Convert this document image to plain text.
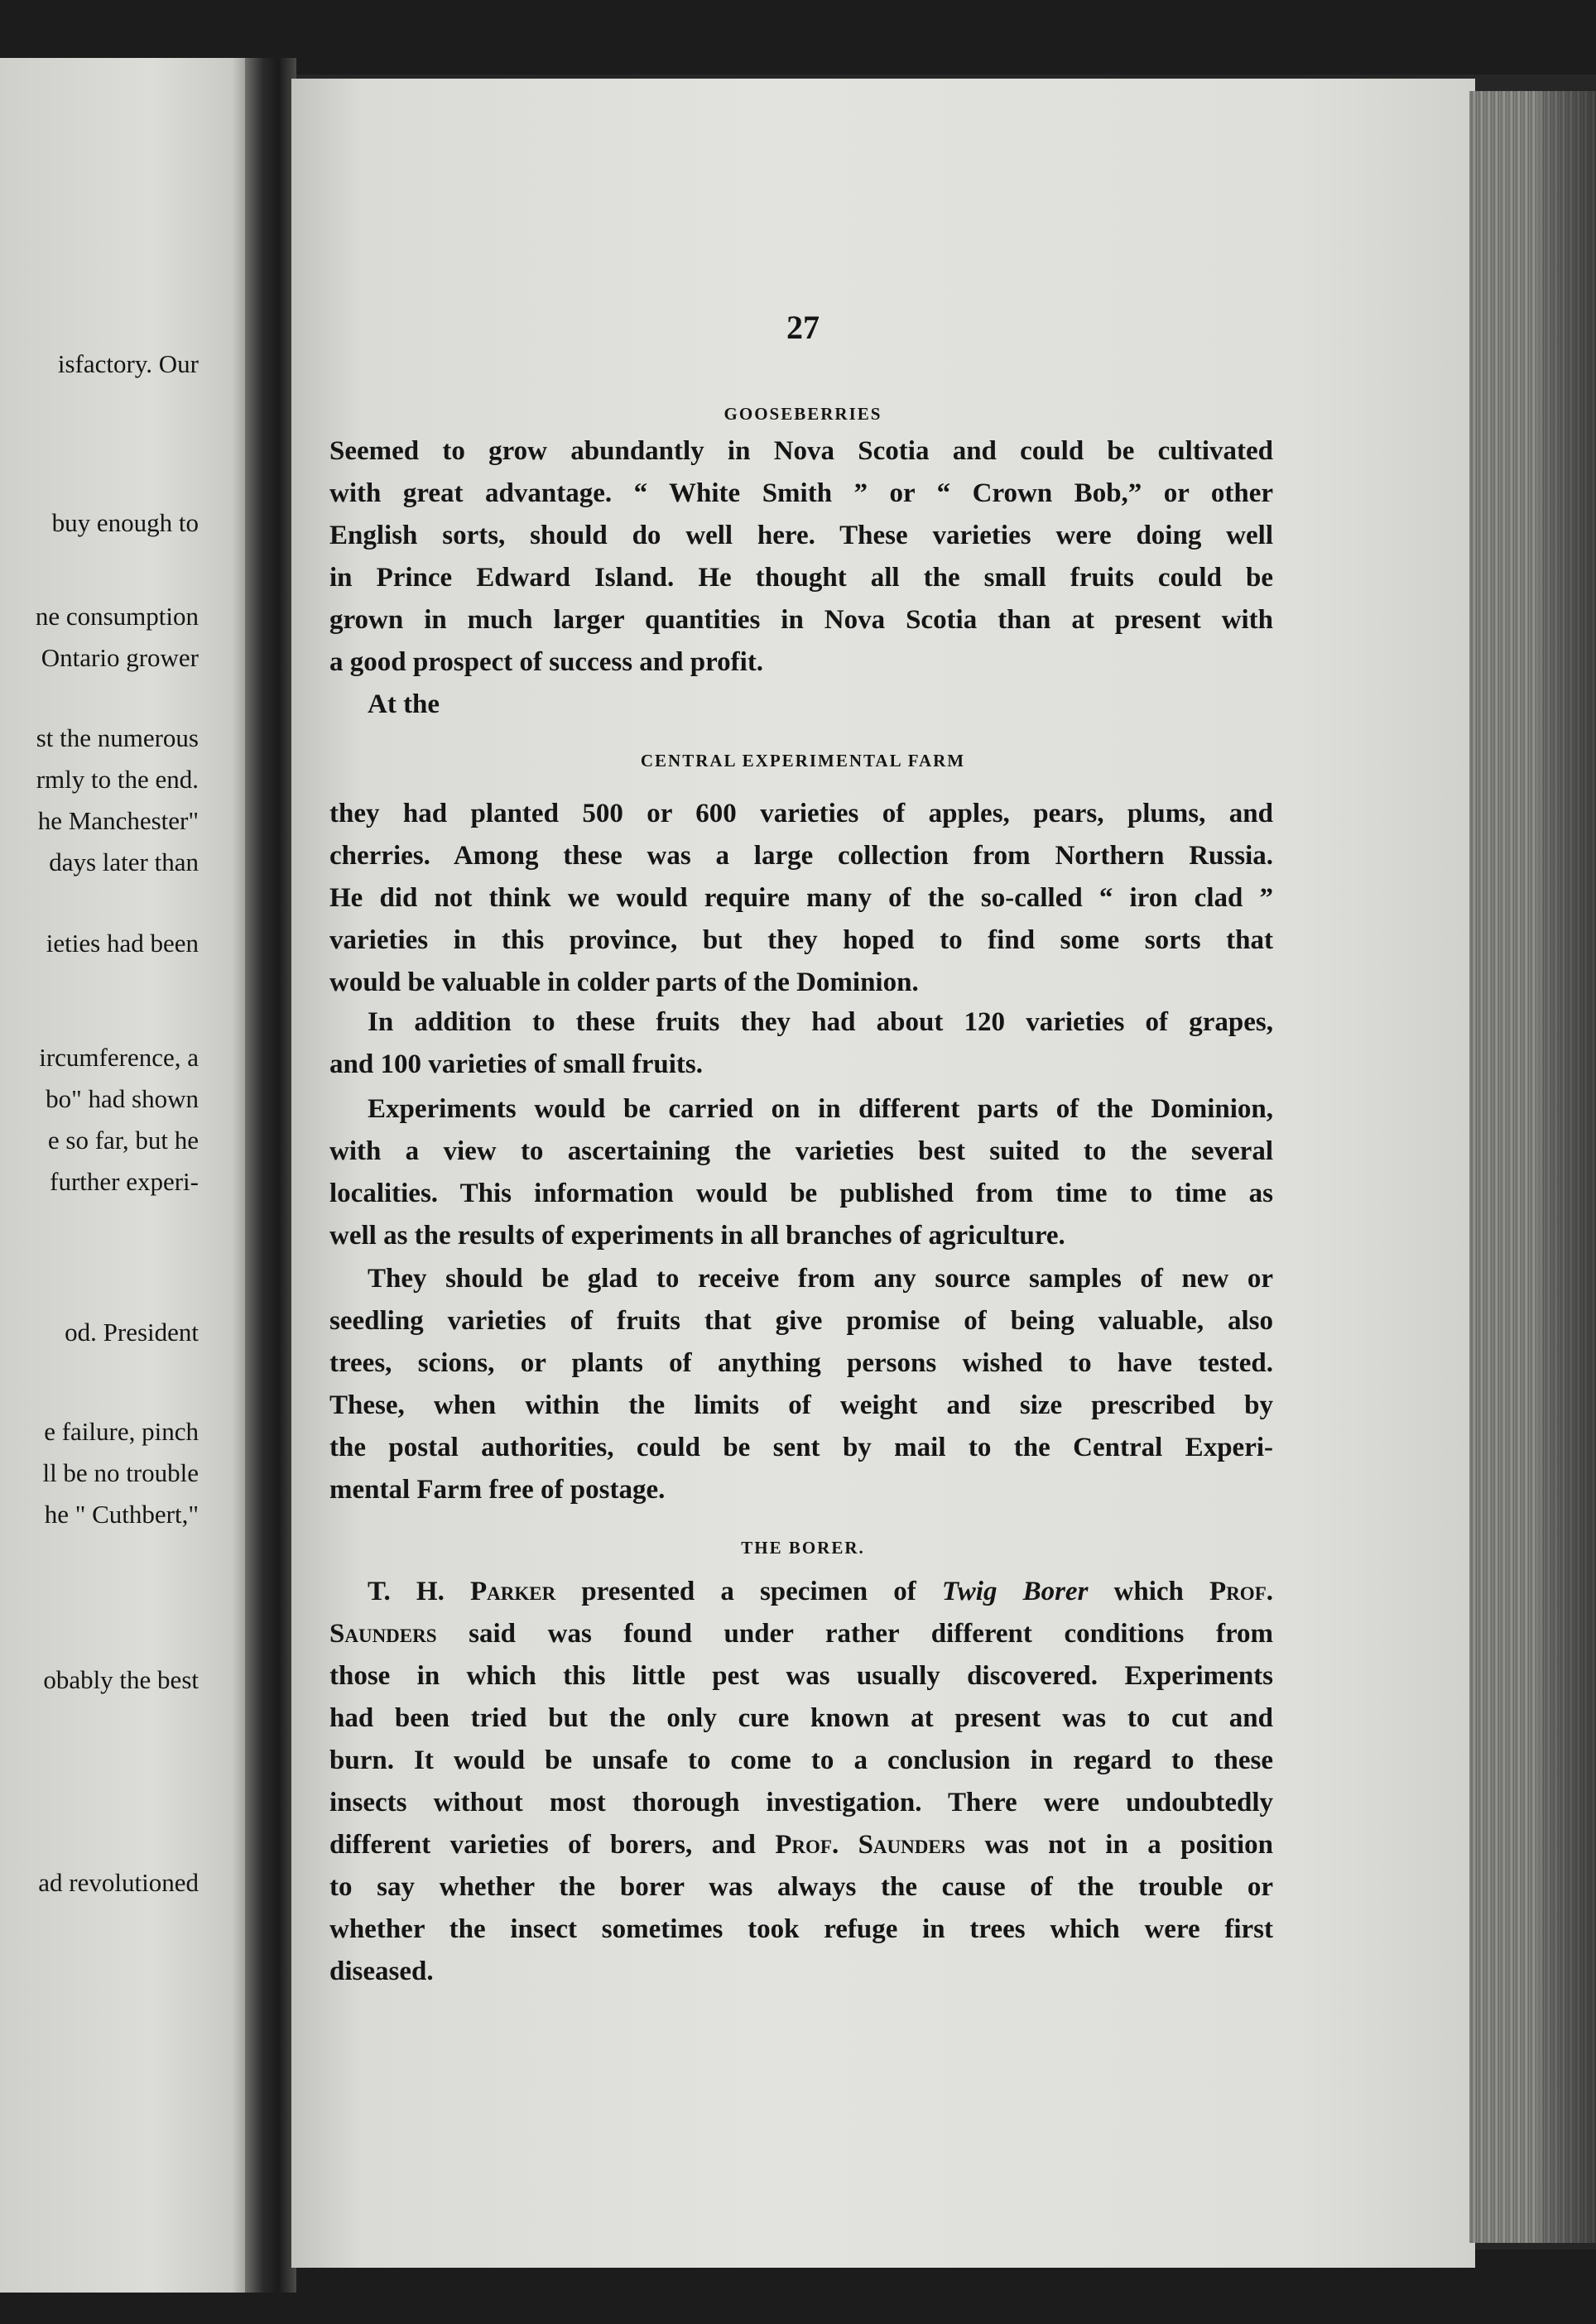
isfactory. Our
buy enough to
ne consumption
Ontario grower
st the numerous
rmly to the end.
he Manchester"
days later than
ieties had been
ircumference, a
bo" had shown
e so far, but he
further experi-
od. President
e failure, pinch
ll be no trouble
he " Cuthbert,"
obably the best
ad revolutioned
27
GOOSEBERRIES
Seemed to grow abundantly in Nova Scotia and could be cultivated
with great advantage. “ White Smith ” or “ Crown Bob,” or other
English sorts, should do well here. These varieties were doing well
in Prince Edward Island. He thought all the small fruits could be
grown in much larger quantities in Nova Scotia than at present with
a good prospect of success and profit.
At the
CENTRAL EXPERIMENTAL FARM
they had planted 500 or 600 varieties of apples, pears, plums, and
cherries. Among these was a large collection from Northern Russia.
He did not think we would require many of the so-called “ iron clad ”
varieties in this province, but they hoped to find some sorts that
would be valuable in colder parts of the Dominion.
In addition to these fruits they had about 120 varieties of grapes,
and 100 varieties of small fruits.
Experiments would be carried on in different parts of the Dominion,
with a view to ascertaining the varieties best suited to the several
localities. This information would be published from time to time as
well as the results of experiments in all branches of agriculture.
They should be glad to receive from any source samples of new or
seedling varieties of fruits that give promise of being valuable, also
trees, scions, or plants of anything persons wished to have tested.
These, when within the limits of weight and size prescribed by
the postal authorities, could be sent by mail to the Central Experi-
mental Farm free of postage.
THE BORER.
T. H. Parker presented a specimen of Twig Borer which Prof.
Saunders said was found under rather different conditions from
those in which this little pest was usually discovered. Experiments
had been tried but the only cure known at present was to cut and
burn. It would be unsafe to come to a conclusion in regard to these
insects without most thorough investigation. There were undoubtedly
different varieties of borers, and Prof. Saunders was not in a position
to say whether the borer was always the cause of the trouble or
whether the insect sometimes took refuge in trees which were first
diseased.
